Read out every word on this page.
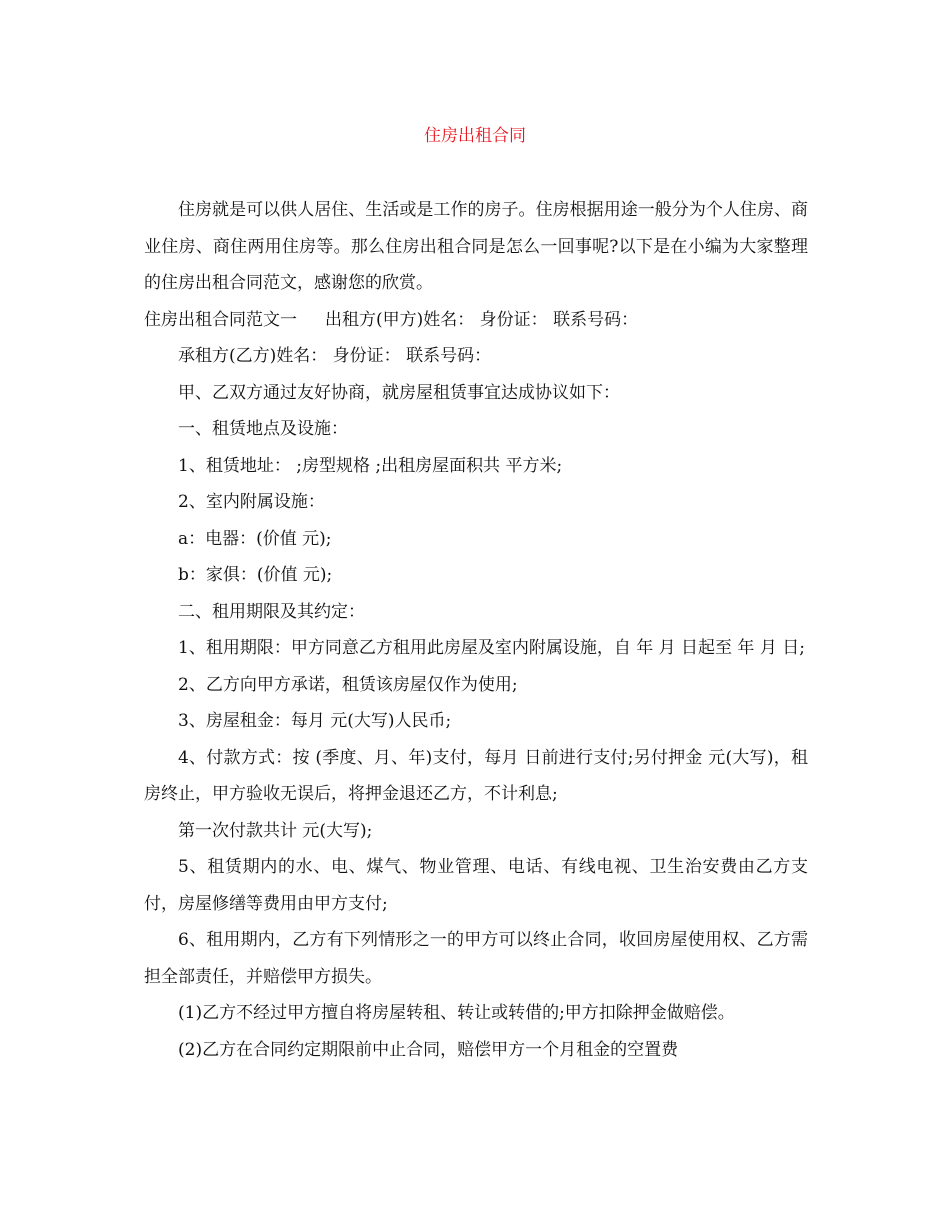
住房出租合同

住房就是可以供人居住、生活或是工作的房子。住房根据用途一般分为个人住房、商业住房、商住两用住房等。那么住房出租合同是怎么一回事呢?以下是在小编为大家整理的住房出租合同范文，感谢您的欣赏。

住房出租合同范文一 出租方(甲方)姓名： 身份证： 联系号码：

承租方(乙方)姓名： 身份证： 联系号码：

甲、乙双方通过友好协商，就房屋租赁事宜达成协议如下：

一、租赁地点及设施：

1、租赁地址： ;房型规格 ;出租房屋面积共 平方米;

2、室内附属设施：

a：电器：(价值 元);

b：家俱：(价值 元);

二、租用期限及其约定：

1、租用期限：甲方同意乙方租用此房屋及室内附属设施，自 年 月 日起至 年 月 日;

2、乙方向甲方承诺，租赁该房屋仅作为使用;

3、房屋租金：每月 元(大写)人民币;

4、付款方式：按 (季度、月、年)支付，每月 日前进行支付;另付押金 元(大写)，租房终止，甲方验收无误后，将押金退还乙方，不计利息;

第一次付款共计 元(大写);

5、租赁期内的水、电、煤气、物业管理、电话、有线电视、卫生治安费由乙方支付，房屋修缮等费用由甲方支付;

6、租用期内，乙方有下列情形之一的甲方可以终止合同，收回房屋使用权、乙方需担全部责任，并赔偿甲方损失。

(1)乙方不经过甲方擅自将房屋转租、转让或转借的;甲方扣除押金做赔偿。

(2)乙方在合同约定期限前中止合同，赔偿甲方一个月租金的空置费
